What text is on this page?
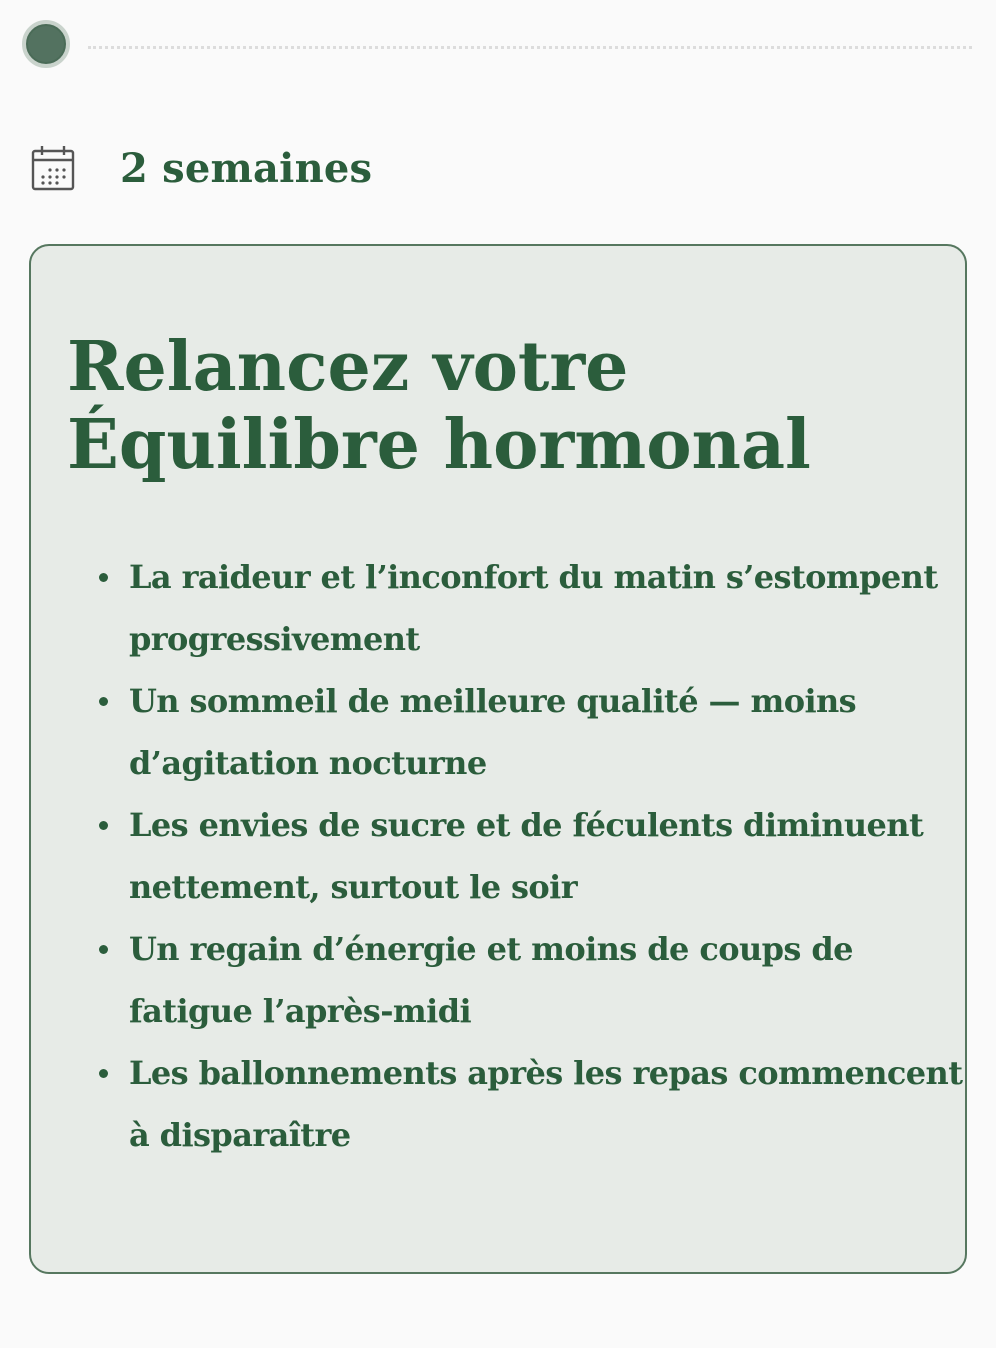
2 semaines
Relancez votre
Équilibre hormonal
La raideur et l’inconfort du matin s’estompent progressivement
Un sommeil de meilleure qualité — moins d’agitation nocturne
Les envies de sucre et de féculents diminuent nettement, surtout le soir
Un regain d’énergie et moins de coups de fatigue l’après-midi
Les ballonnements après les repas commencent à disparaître
